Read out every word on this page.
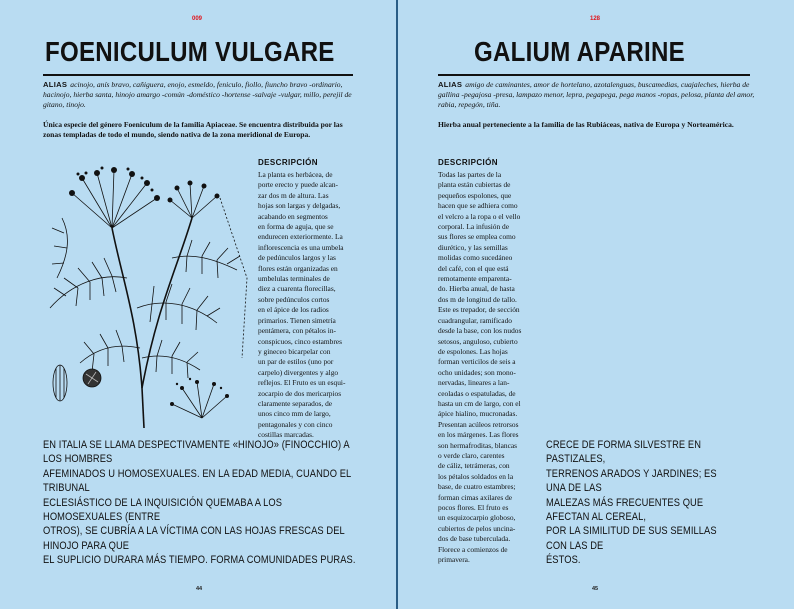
009
FOENICULUM VULGARE
ALIAS acinojo, anís bravo, cañiguera, enojo, esmeldo, feniculo, fiollo, fiuncho bravo -ordinario, hacinojo, hierba santa, hinojo amargo -común -doméstico -hortense -salvaje -vulgar, millo, perejil de gitano, tinojo.
Única especie del género Foeniculum de la familia Apiaceae. Se encuentra distribuida por las zonas templadas de todo el mundo, siendo nativa de la zona meridional de Europa.
DESCRIPCIÓN
La planta es herbácea, de
porte erecto y puede alcan-
zar dos m de altura. Las
hojas son largas y delgadas,
acabando en segmentos
en forma de aguja, que se
endurecen exteriormente. La
inflorescencia es una umbela
de pedúnculos largos y las
flores están organizadas en
umbelulas terminales de
diez a cuarenta florecillas,
sobre pedúnculos cortos
en el ápice de los radios
primarios. Tienen simetría
pentámera, con pétalos in-
conspicuos, cinco estambres
y gineceo bicarpelar con
un par de estilos (uno por
carpelo) divergentes y algo
reflejos. El Fruto es un esqui-
zocarpio de dos mericarpios
claramente separados, de
unos cinco mm de largo,
pentagonales y con cinco
costillas marcadas.
EN ITALIA SE LLAMA DESPECTIVAMENTE «HINOJO» (FINOCCHIO) A LOS HOMBRES
AFEMINADOS U HOMOSEXUALES. EN LA EDAD MEDIA, CUANDO EL TRIBUNAL
ECLESIÁSTICO DE LA INQUISICIÓN QUEMABA A LOS HOMOSEXUALES (ENTRE
OTROS), SE CUBRÍA A LA VÍCTIMA CON LAS HOJAS FRESCAS DEL HINOJO PARA QUE
EL SUPLICIO DURARA MÁS TIEMPO. FORMA COMUNIDADES PURAS.
44
128
GALIUM APARINE
ALIAS amigo de caminantes, amor de hortelano, azotalenguas, buscamedias, cuajaleches, hierba de gallina -pegajosa -presa, lampazo menor, lepra, pegapega, pega manos -ropas, pelosa, planta del amor, rabia, repegón, tiña.
Hierba anual perteneciente a la familia de las Rubiáceas, nativa de Europa y Norteamérica.
DESCRIPCIÓN
Todas las partes de la
planta están cubiertas de
pequeños espolones, que
hacen que se adhiera como
el velcro a la ropa o el vello
corporal. La infusión de
sus flores se emplea como
diurético, y las semillas
molidas como sucedáneo
del café, con el que está
remotamente emparenta-
do. Hierba anual, de hasta
dos m de longitud de tallo.
Este es trepador, de sección
cuadrangular, ramificado
desde la base, con los nudos
setosos, anguloso, cubierto
de espolones. Las hojas
forman verticilos de seis a
ocho unidades; son mono-
nervadas, lineares a lan-
ceoladas o espatuladas, de
hasta un cm de largo, con el
ápice hialino, mucronadas.
Presentan acúleos retrorsos
en los márgenes. Las flores
son hermafroditas, blancas
o verde claro, carentes
de cáliz, tetrámeras, con
los pétalos soldados en la
base, de cuatro estambres;
forman cimas axilares de
pocos flores. El fruto es
un esquizocarpio globoso,
cubiertos de pelos uncina-
dos de base tuberculada.
Florece a comienzos de
primavera.
CRECE DE FORMA SILVESTRE EN PASTIZALES,
TERRENOS ARADOS Y JARDINES; ES UNA DE LAS
MALEZAS MÁS FRECUENTES QUE AFECTAN AL CEREAL,
POR LA SIMILITUD DE SUS SEMILLAS CON LAS DE
ÉSTOS.
45
